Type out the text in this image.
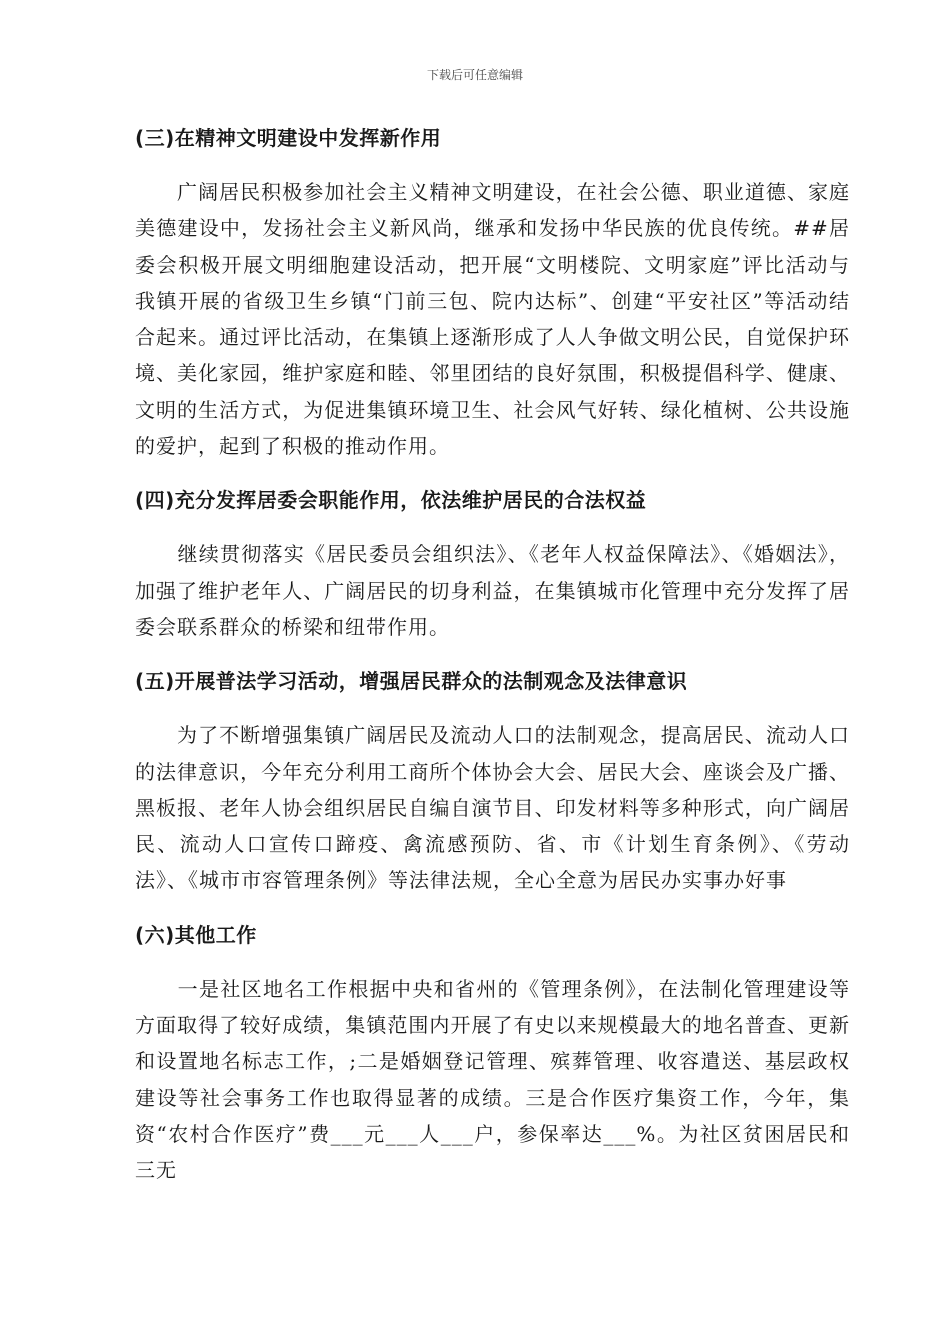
下载后可任意编辑
(三)在精神文明建设中发挥新作用
　　广阔居民积极参加社会主义精神文明建设，在社会公德、职业道德、家庭美德建设中，发扬社会主义新风尚，继承和发扬中华民族的优良传统。##居委会积极开展文明细胞建设活动，把开展“文明楼院、文明家庭”评比活动与我镇开展的省级卫生乡镇“门前三包、院内达标”、创建“平安社区”等活动结合起来。通过评比活动，在集镇上逐渐形成了人人争做文明公民，自觉保护环境、美化家园，维护家庭和睦、邻里团结的良好氛围，积极提倡科学、健康、文明的生活方式，为促进集镇环境卫生、社会风气好转、绿化植树、公共设施的爱护，起到了积极的推动作用。
(四)充分发挥居委会职能作用，依法维护居民的合法权益
　　继续贯彻落实《居民委员会组织法》、《老年人权益保障法》、《婚姻法》，加强了维护老年人、广阔居民的切身利益，在集镇城市化管理中充分发挥了居委会联系群众的桥梁和纽带作用。
(五)开展普法学习活动，增强居民群众的法制观念及法律意识
　　为了不断增强集镇广阔居民及流动人口的法制观念，提高居民、流动人口的法律意识，今年充分利用工商所个体协会大会、居民大会、座谈会及广播、黑板报、老年人协会组织居民自编自演节目、印发材料等多种形式，向广阔居民、流动人口宣传口蹄疫、禽流感预防、省、市《计划生育条例》、《劳动法》、《城市市容管理条例》等法律法规，全心全意为居民办实事办好事
(六)其他工作
　　一是社区地名工作根据中央和省州的《管理条例》，在法制化管理建设等方面取得了较好成绩，集镇范围内开展了有史以来规模最大的地名普查、更新和设置地名标志工作，;二是婚姻登记管理、殡葬管理、收容遣送、基层政权建设等社会事务工作也取得显著的成绩。三是合作医疗集资工作，今年，集资“农村合作医疗”费___元___人___户，参保率达___%。为社区贫困居民和三无
